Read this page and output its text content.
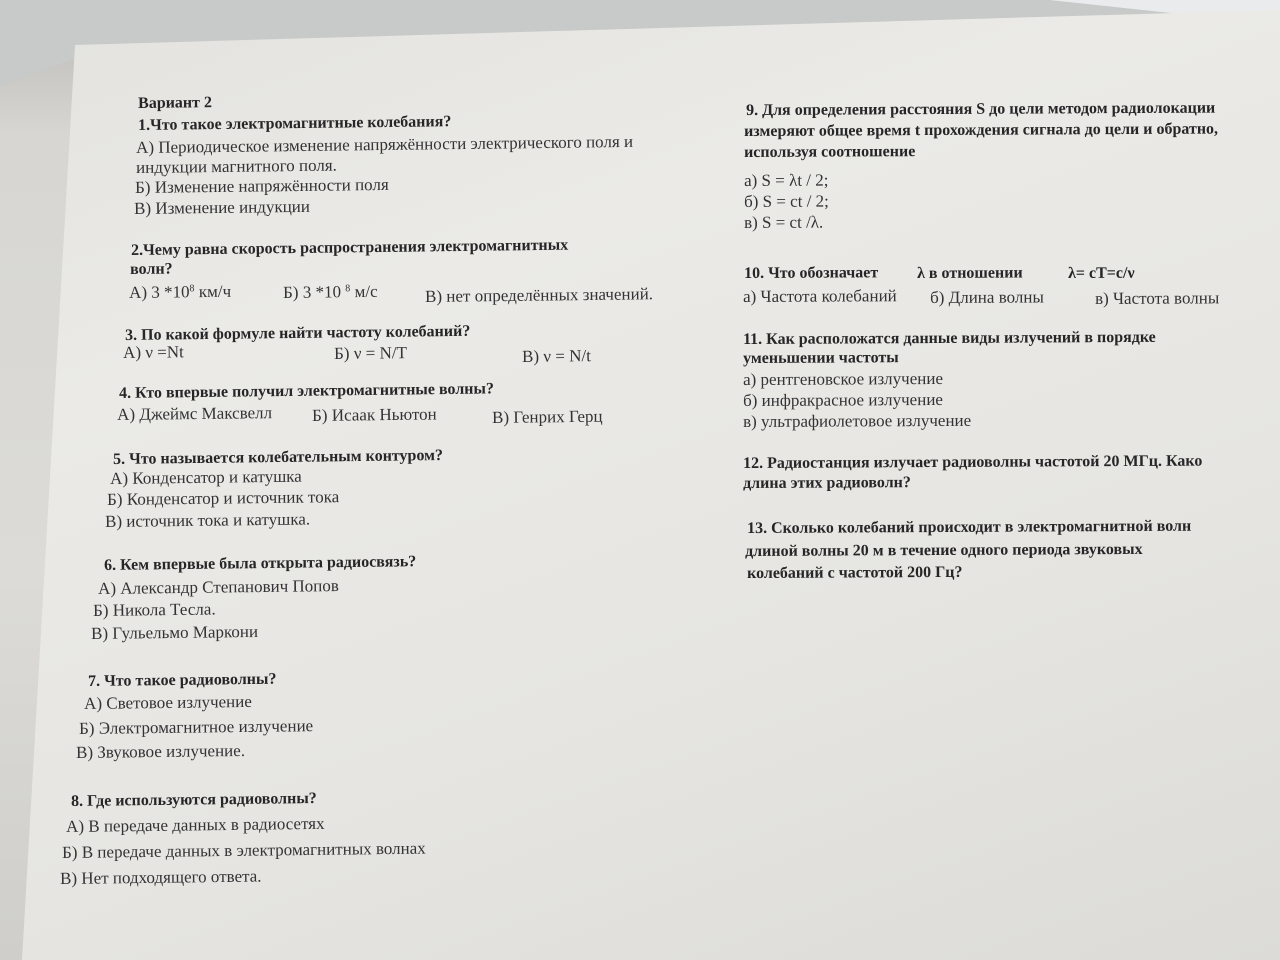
Вариант 2
1.Что такое электромагнитные колебания?
А) Периодическое изменение напряжённости электрического поля и
индукции магнитного поля.
Б) Изменение напряжённости поля
В) Изменение индукции
2.Чему равна скорость распространения электромагнитных
волн?
А) 3 $*10^8$ км/ч	Б) 3 *10 $^8$ м/с	В) нет определённых значений.
3. По какой формуле найти частоту колебаний?
А) ν =Nt	Б) ν = N/T	В) ν = N/t
4. Кто впервые получил электромагнитные волны?
А) Джеймс Максвелл Б) Исаак Ньютон	В) Генрих Герц
5. Что называется колебательным контуром?
А) Конденсатор и катушка
Б) Конденсатор и источник тока
В) источник тока и катушка.
6. Кем впервые была открыта радиосвязь?
А) Александр Степанович Попов
Б) Никола Тесла.
В) Гульельмо Маркони
7. Что такое радиоволны?
А) Световое излучение
Б) Электромагнитное излучение
В) Звуковое излучение.
8. Где используются радиоволны?
А) В передаче данных в радиосетях
Б) В передаче данных в электромагнитных волнах
В) Нет подходящего ответа.
9. Для определения расстояния S до цели методом радиолокации
измеряют общее время t прохождения сигнала до цели и обратно,
используя соотношение
а) S = λt / 2;
б) S = ct / 2;
в) S = ct /λ.
10. Что обозначает λ в отношении	λ= cT=c/ν
а) Частота колебаний б) Длина волны	в) Частота волны
11. Как расположатся данные виды излучений в порядке
уменьшении частоты
а) рентгеновское излучение
б) инфракрасное излучение
в) ультрафиолетовое излучение
12. Радиостанция излучает радиоволны частотой 20 МГц. Како
длина этих радиоволн?
13. Сколько колебаний происходит в электромагнитной волн
длиной волны 20 м в течение одного периода звуковых
колебаний с частотой 200 Гц?
